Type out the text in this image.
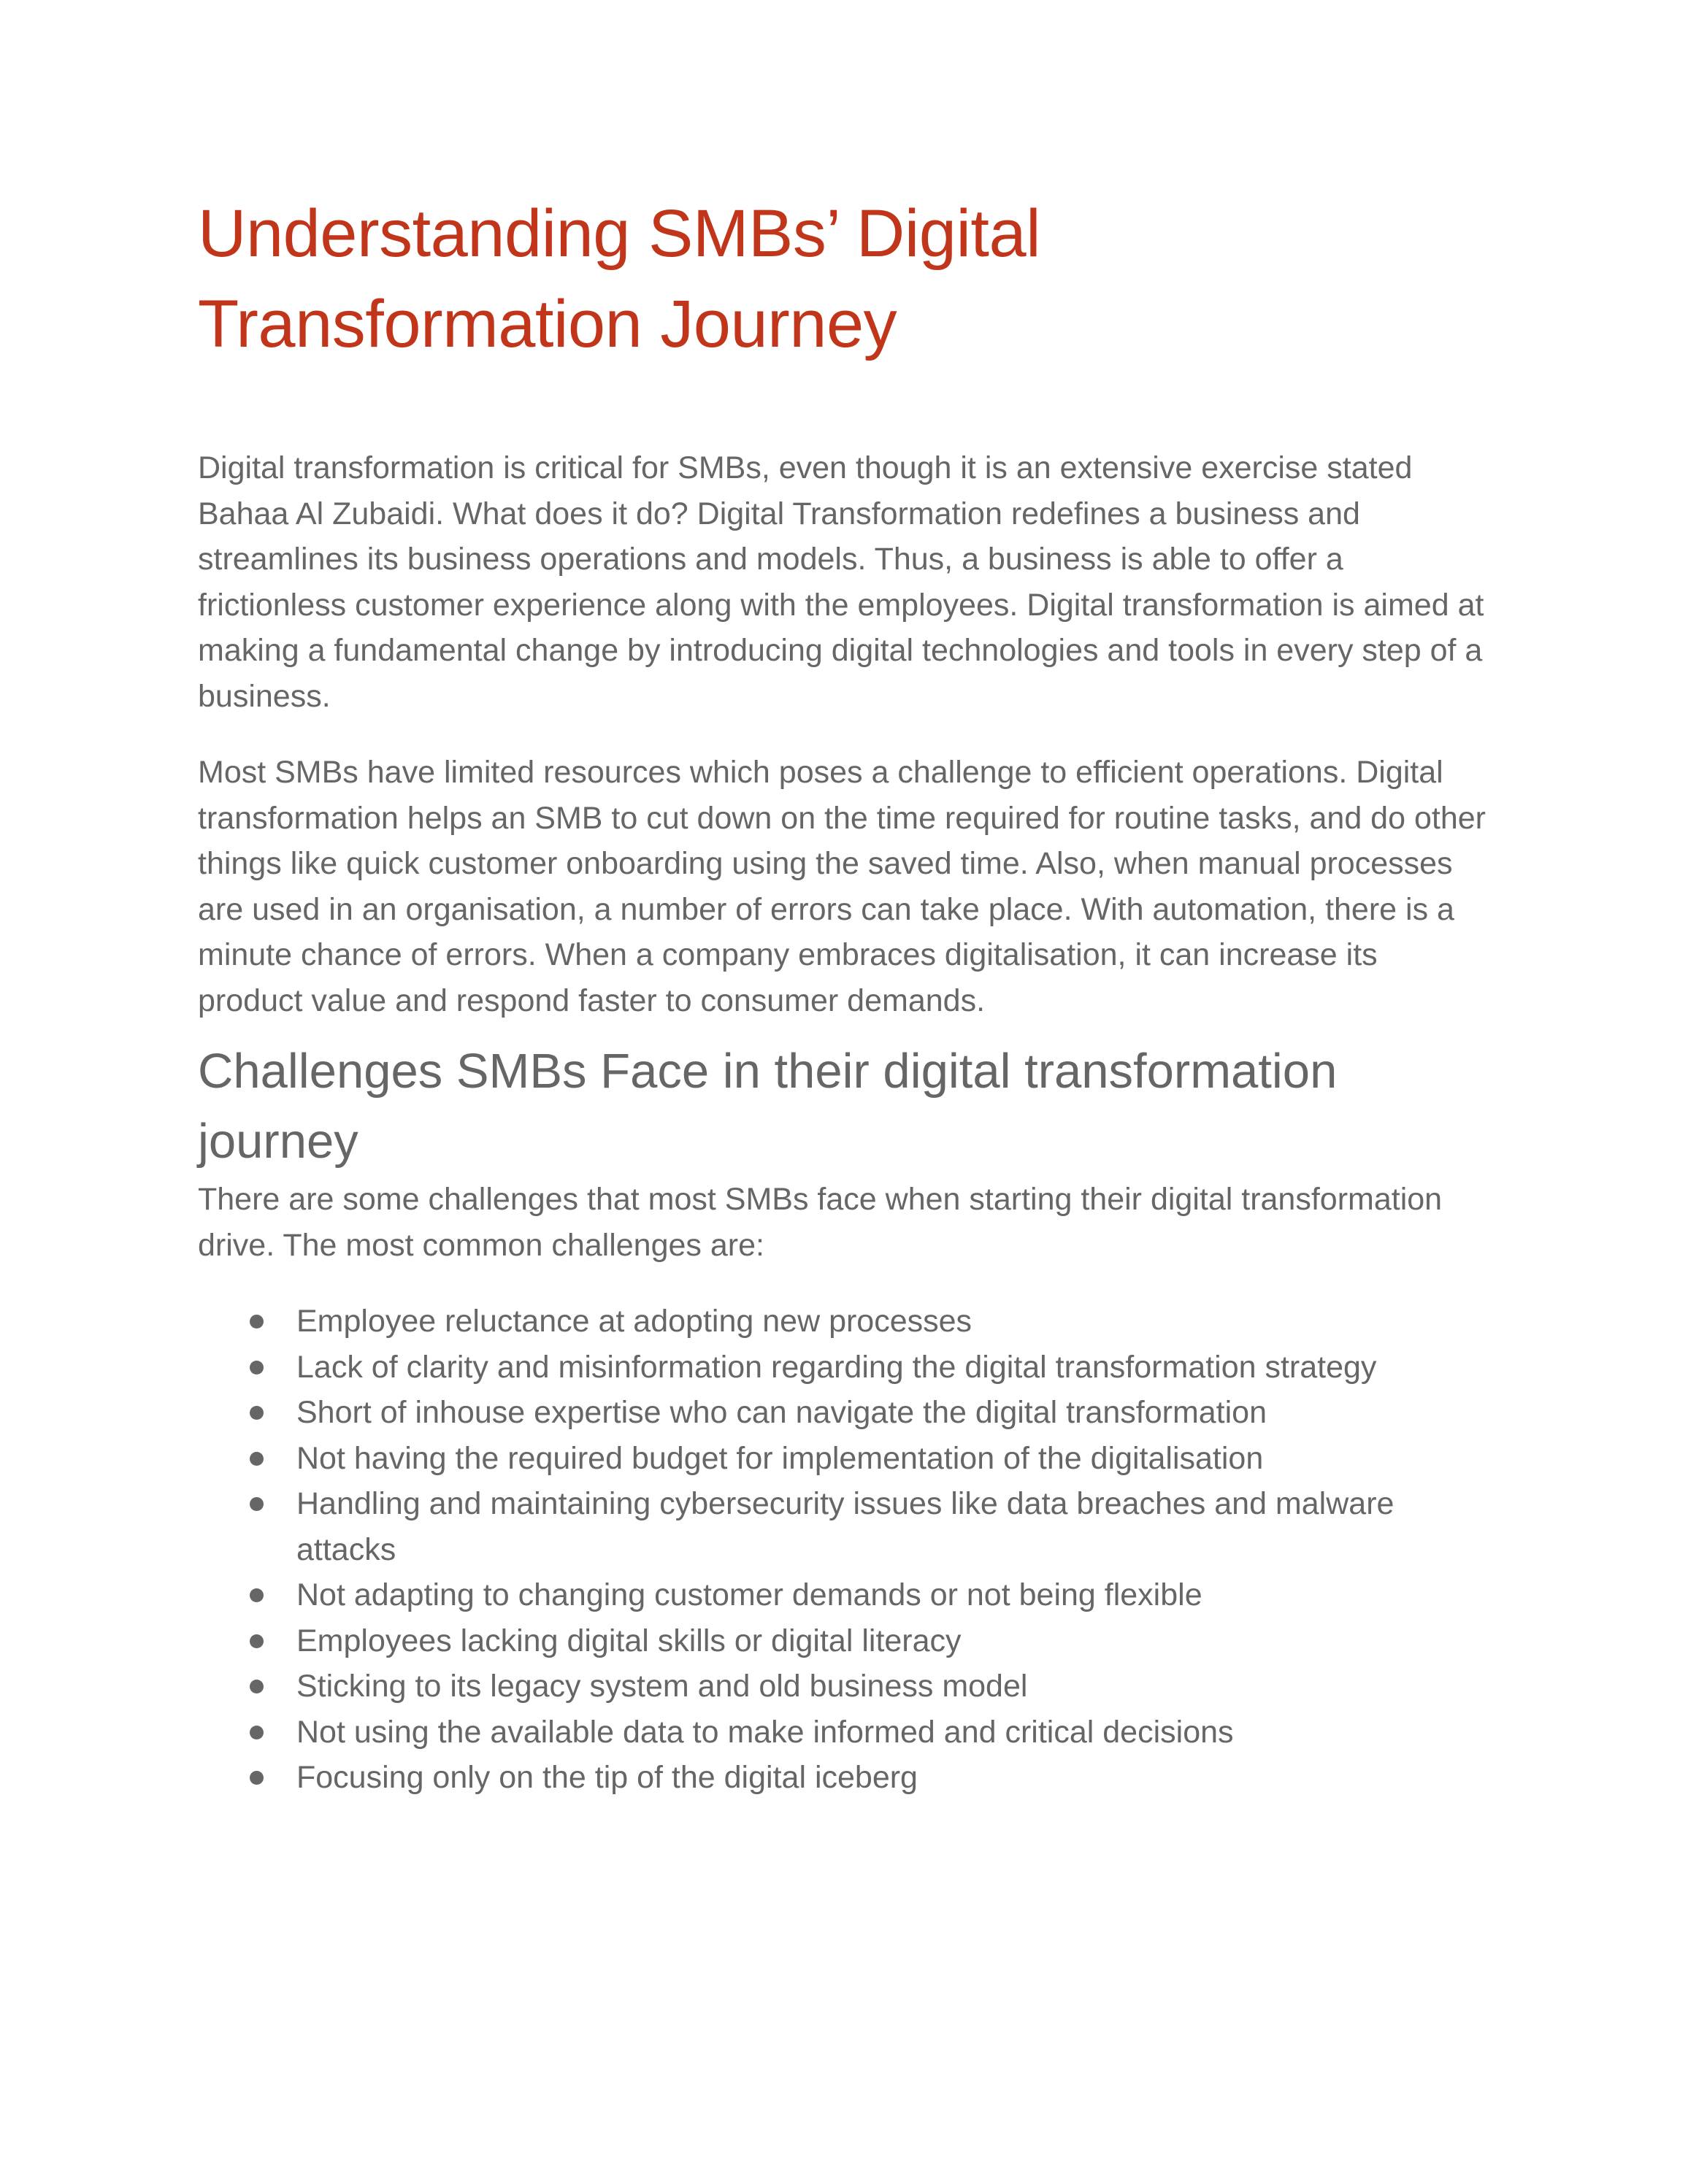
Understanding SMBs’ Digital Transformation Journey

Digital transformation is critical for SMBs, even though it is an extensive exercise stated Bahaa Al Zubaidi. What does it do? Digital Transformation redefines a business and streamlines its business operations and models. Thus, a business is able to offer a frictionless customer experience along with the employees. Digital transformation is aimed at making a fundamental change by introducing digital technologies and tools in every step of a business.

Most SMBs have limited resources which poses a challenge to efficient operations. Digital transformation helps an SMB to cut down on the time required for routine tasks, and do other things like quick customer onboarding using the saved time. Also, when manual processes are used in an organisation, a number of errors can take place. With automation, there is a minute chance of errors. When a company embraces digitalisation, it can increase its product value and respond faster to consumer demands.

Challenges SMBs Face in their digital transformation journey

There are some challenges that most SMBs face when starting their digital transformation drive. The most common challenges are:

Employee reluctance at adopting new processes
Lack of clarity and misinformation regarding the digital transformation strategy
Short of inhouse expertise who can navigate the digital transformation
Not having the required budget for implementation of the digitalisation
Handling and maintaining cybersecurity issues like data breaches and malware attacks
Not adapting to changing customer demands or not being flexible
Employees lacking digital skills or digital literacy
Sticking to its legacy system and old business model
Not using the available data to make informed and critical decisions
Focusing only on the tip of the digital iceberg
